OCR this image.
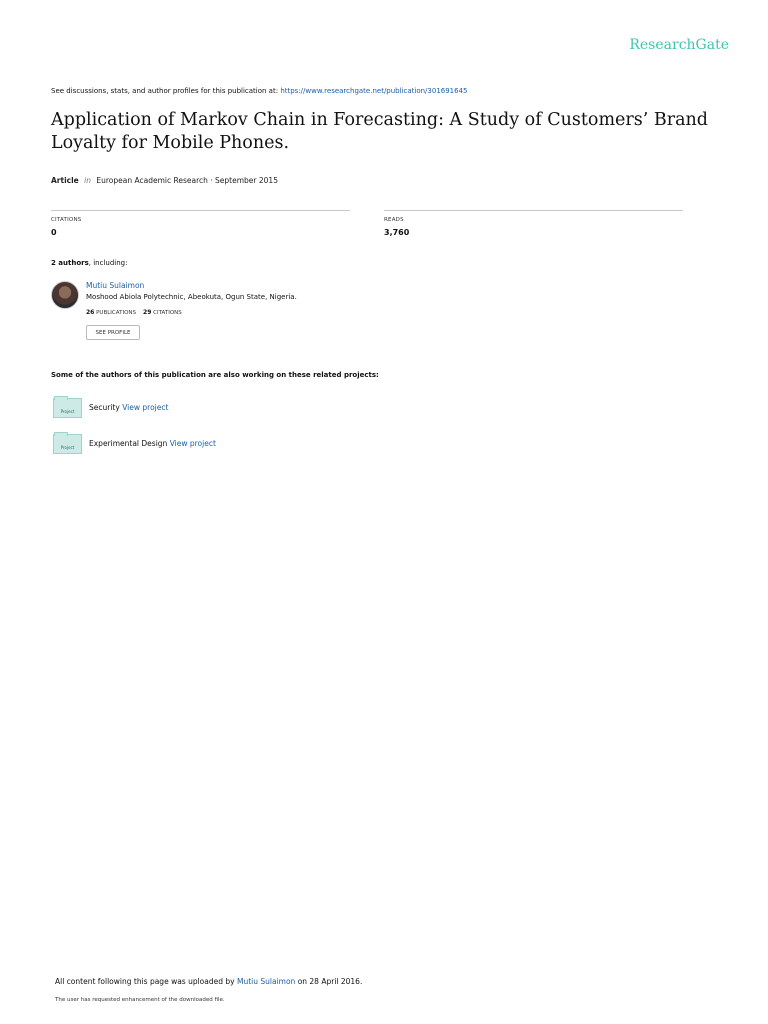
ResearchGate
See discussions, stats, and author profiles for this publication at: https://www.researchgate.net/publication/301691645
Application of Markov Chain in Forecasting: A Study of Customers’ Brand Loyalty for Mobile Phones.
Article in European Academic Research · September 2015
CITATIONS
0
READS
3,760
2 authors, including:
Mutiu Sulaimon
Moshood Abiola Polytechnic, Abeokuta, Ogun State, Nigeria.
26 PUBLICATIONS 29 CITATIONS
SEE PROFILE
Some of the authors of this publication are also working on these related projects:
Project Security View project
Project Experimental Design View project
All content following this page was uploaded by Mutiu Sulaimon on 28 April 2016.
The user has requested enhancement of the downloaded file.
